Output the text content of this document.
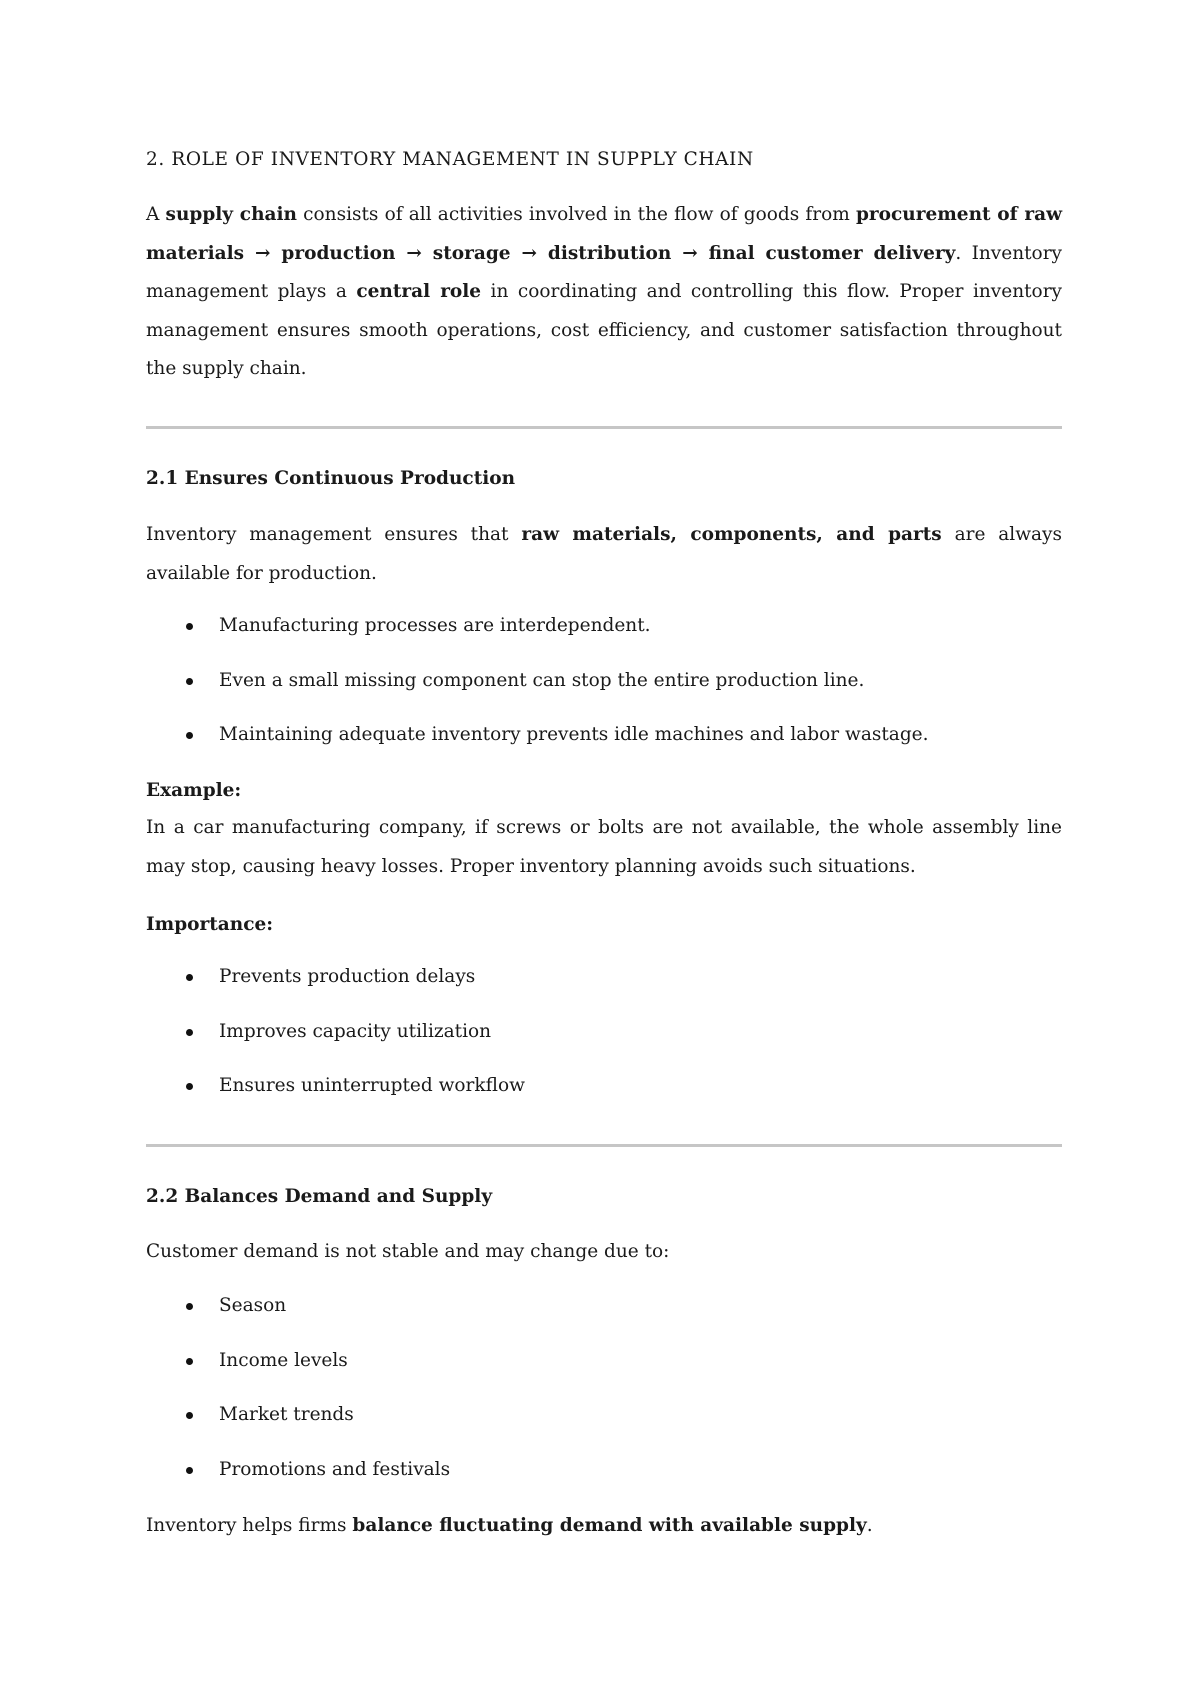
2. ROLE OF INVENTORY MANAGEMENT IN SUPPLY CHAIN

A supply chain consists of all activities involved in the flow of goods from procurement of raw materials → production → storage → distribution → final customer delivery. Inventory management plays a central role in coordinating and controlling this flow. Proper inventory management ensures smooth operations, cost efficiency, and customer satisfaction throughout the supply chain.

2.1 Ensures Continuous Production

Inventory management ensures that raw materials, components, and parts are always available for production.

Manufacturing processes are interdependent.
Even a small missing component can stop the entire production line.
Maintaining adequate inventory prevents idle machines and labor wastage.
Example:

In a car manufacturing company, if screws or bolts are not available, the whole assembly line may stop, causing heavy losses. Proper inventory planning avoids such situations.

Importance:
Prevents production delays
Improves capacity utilization
Ensures uninterrupted workflow
2.2 Balances Demand and Supply
Customer demand is not stable and may change due to:
Season
Income levels
Market trends
Promotions and festivals
Inventory helps firms balance fluctuating demand with available supply.
